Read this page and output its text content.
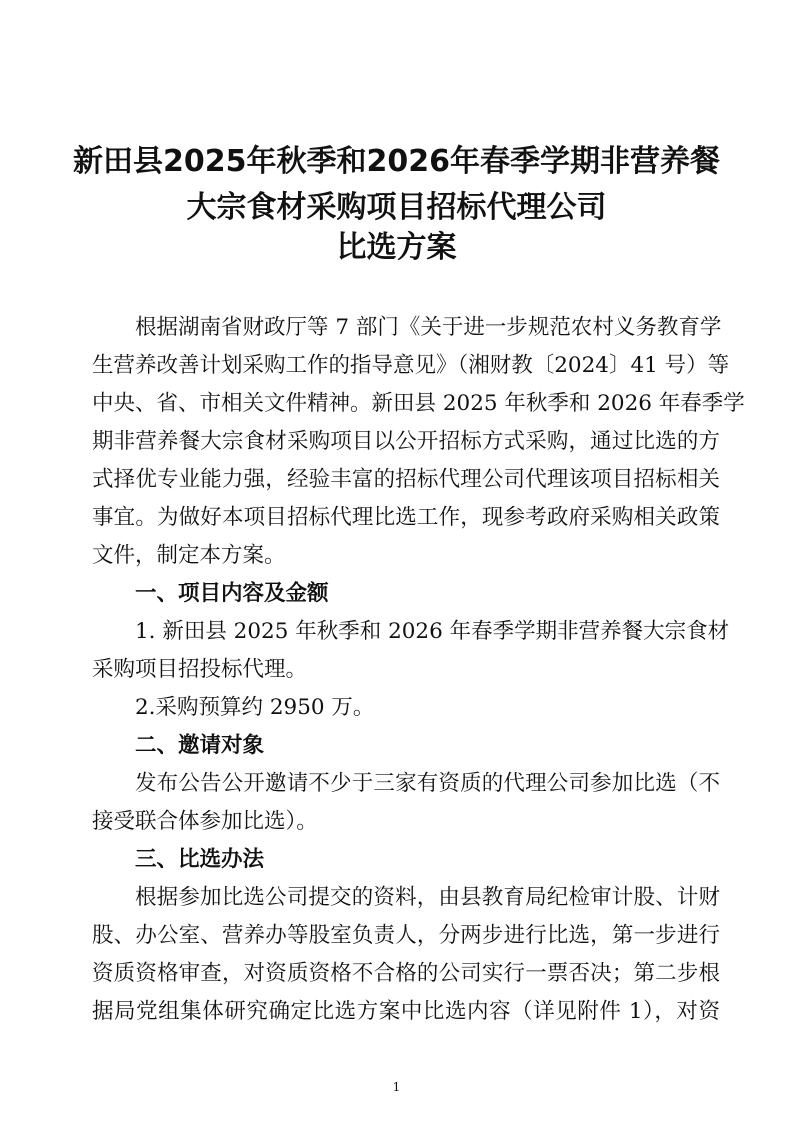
新田县2025年秋季和2026年春季学期非营养餐
大宗食材采购项目招标代理公司
比选方案
根据湖南省财政厅等 7 部门《关于进一步规范农村义务教育学
生营养改善计划采购工作的指导意见》（湘财教〔2024〕41 号）等
中央、省、市相关文件精神。新田县 2025 年秋季和 2026 年春季学
期非营养餐大宗食材采购项目以公开招标方式采购，通过比选的方
式择优专业能力强，经验丰富的招标代理公司代理该项目招标相关
事宜。为做好本项目招标代理比选工作，现参考政府采购相关政策
文件，制定本方案。
一、项目内容及金额
1. 新田县 2025 年秋季和 2026 年春季学期非营养餐大宗食材
采购项目招投标代理。
2.采购预算约 2950 万。
二、邀请对象
发布公告公开邀请不少于三家有资质的代理公司参加比选（不
接受联合体参加比选）。
三、比选办法
根据参加比选公司提交的资料，由县教育局纪检审计股、计财
股、办公室、营养办等股室负责人，分两步进行比选，第一步进行
资质资格审查，对资质资格不合格的公司实行一票否决；第二步根
据局党组集体研究确定比选方案中比选内容（详见附件 1），对资
1
